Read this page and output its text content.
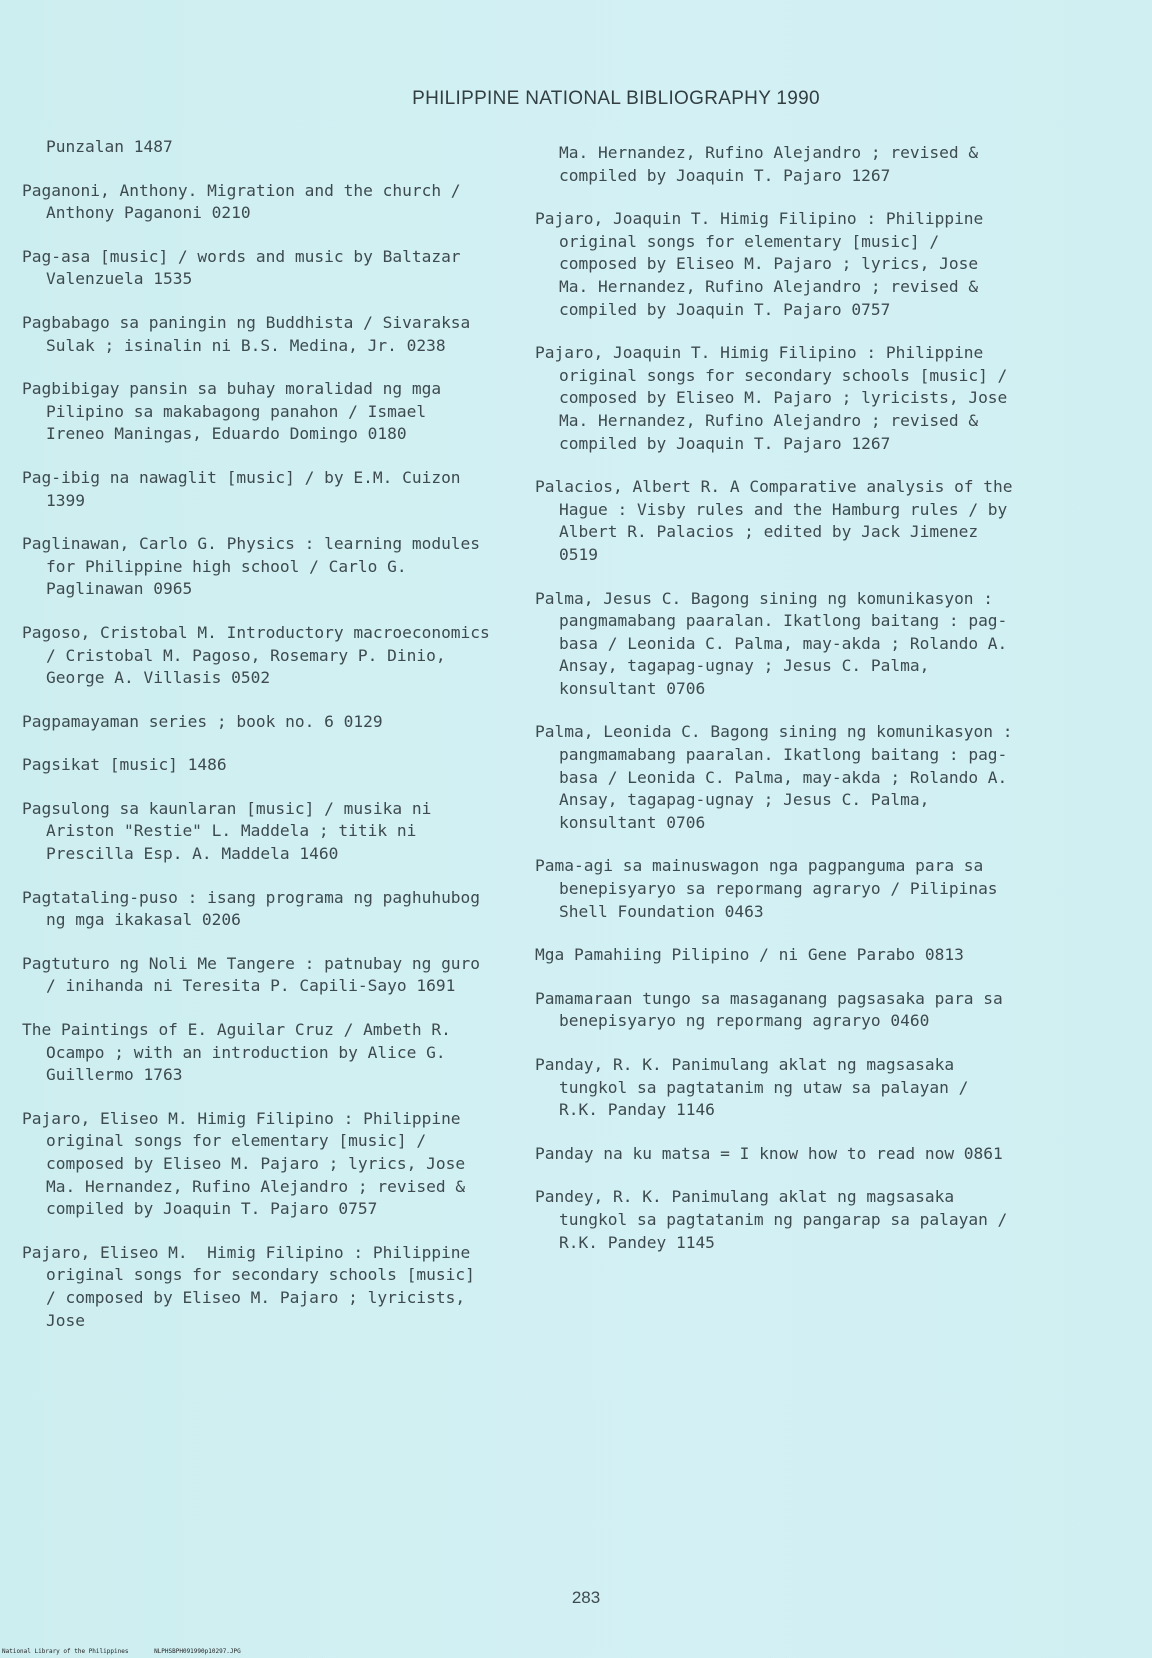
PHILIPPINE NATIONAL BIBLIOGRAPHY 1990

Punzalan 1487

Paganoni, Anthony. Migration and the church / Anthony Paganoni 0210

Pag-asa [music] / words and music by Baltazar Valenzuela 1535

Pagbabago sa paningin ng Buddhista / Sivaraksa Sulak ; isinalin ni B.S. Medina, Jr. 0238

Pagbibigay pansin sa buhay moralidad ng mga Pilipino sa makabagong panahon / Ismael Ireneo Maningas, Eduardo Domingo 0180

Pag-ibig na nawaglit [music] / by E.M. Cuizon 1399

Paglinawan, Carlo G. Physics : learning modules for Philippine high school / Carlo G. Paglinawan 0965

Pagoso, Cristobal M. Introductory macroeconomics / Cristobal M. Pagoso, Rosemary P. Dinio, George A. Villasis 0502

Pagpamayaman series ; book no. 6 0129

Pagsikat [music] 1486

Pagsulong sa kaunlaran [music] / musika ni Ariston "Restie" L. Maddela ; titik ni Prescilla Esp. A. Maddela 1460

Pagtataling-puso : isang programa ng paghuhubog ng mga ikakasal 0206

Pagtuturo ng Noli Me Tangere : patnubay ng guro / inihanda ni Teresita P. Capili-Sayo 1691

The Paintings of E. Aguilar Cruz / Ambeth R. Ocampo ; with an introduction by Alice G. Guillermo 1763

Pajaro, Eliseo M. Himig Filipino : Philippine original songs for elementary [music] / composed by Eliseo M. Pajaro ; lyrics, Jose Ma. Hernandez, Rufino Alejandro ; revised & compiled by Joaquin T. Pajaro 0757

Pajaro, Eliseo M.  Himig Filipino : Philippine original songs for secondary schools [music] / composed by Eliseo M. Pajaro ; lyricists, Jose

Ma. Hernandez, Rufino Alejandro ; revised & compiled by Joaquin T. Pajaro 1267

Pajaro, Joaquin T. Himig Filipino : Philippine original songs for elementary [music] / composed by Eliseo M. Pajaro ; lyrics, Jose Ma. Hernandez, Rufino Alejandro ; revised & compiled by Joaquin T. Pajaro 0757

Pajaro, Joaquin T. Himig Filipino : Philippine original songs for secondary schools [music] / composed by Eliseo M. Pajaro ; lyricists, Jose Ma. Hernandez, Rufino Alejandro ; revised & compiled by Joaquin T. Pajaro 1267

Palacios, Albert R. A Comparative analysis of the Hague : Visby rules and the Hamburg rules / by Albert R. Palacios ; edited by Jack Jimenez 0519

Palma, Jesus C. Bagong sining ng komunikasyon : pangmamabang paaralan. Ikatlong baitang : pag-basa / Leonida C. Palma, may-akda ; Rolando A. Ansay, tagapag-ugnay ; Jesus C. Palma, konsultant 0706

Palma, Leonida C. Bagong sining ng komunikasyon : pangmamabang paaralan. Ikatlong baitang : pag-basa / Leonida C. Palma, may-akda ; Rolando A. Ansay, tagapag-ugnay ; Jesus C. Palma, konsultant 0706

Pama-agi sa mainuswagon nga pagpanguma para sa benepisyaryo sa repormang agraryo / Pilipinas Shell Foundation 0463

Mga Pamahiing Pilipino / ni Gene Parabo 0813

Pamamaraan tungo sa masaganang pagsasaka para sa benepisyaryo ng repormang agraryo 0460

Panday, R. K. Panimulang aklat ng magsasaka tungkol sa pagtatanim ng utaw sa palayan / R.K. Panday 1146

Panday na ku matsa = I know how to read now 0861

Pandey, R. K. Panimulang aklat ng magsasaka tungkol sa pagtatanim ng pangarap sa palayan / R.K. Pandey 1145

283
National Library of the Philippines	NLPHSBPH091990p10297.JPG
